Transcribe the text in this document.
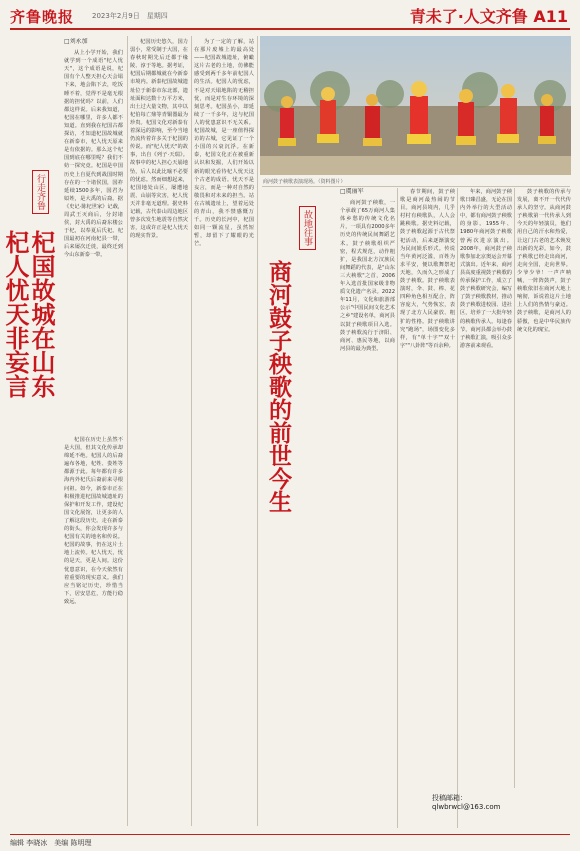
齐鲁晚报	2023年2月9日　 星期四	青未了·人文齐鲁 A11
□刘永加

从上小学开始，我们就学到一个成语"杞人忧天"，这个成语是说，杞国有个人整天担心天会塌下来，地会陷下去，吃饭睡不着，觉得不是毫无根据的担忧吗？以前，人们都这样说。后来我知道，杞国在哪里，许多人都不知道。直到我在杞国古都探访，才知道杞国故城就在新泰市，杞人忧天原来是有依据的。那么这个杞国到底在哪里呢？我们不妨一探究竟。杞国是中国历史上自夏代到战国时期存在的一个诸侯国，国祚延续1500多年，国君为姒姓，是大禹的后裔。据《史记·陈杞世家》记载，周武王灭商后，分封诸侯，封大禹的后裔东楼公于杞，以奉夏后氏祀。杞国最初在河南杞县一带，后来屡次迁徙，最终迁到今山东新泰一带。

杞国历史悠久，国力弱小，常受制于大国，在春秋时期先后迁都于缘陵、淳于等地。据考证，杞国后期都城就在今新泰市境内。新泰杞国故城遗址位于新泰市东北部，遗址面积达数十万平方米，出土过大量文物，其中以杞伯每亡鼎等青铜器最为珍贵。杞国文化对新泰有着深远的影响，至今当地仍流传着许多关于杞国的传说。而"杞人忧天"的故事，出自《列子·天瑞》。故事中的杞人担心天崩地坠，后人以此比喻不必要的忧虑。然而细想起来，杞国地处山区，屡遭地震、山崩等灾害，杞人忧天并非毫无道理。据史料记载，古代泰山周边地区曾多次发生地震等自然灾害，这或许正是杞人忧天的现实背景。

为了一定的了解，站在那片废墟上的最高处——杞国故城遗址，俯瞰这片古老的土地，仿佛能感受到两千多年前杞国人的生活。杞国人的忧虑，不是对天塌地陷的无稽担忧，而是对生存环境的深刻思考。杞国虽小，却延续了一千多年，这与杞国人的忧患意识不无关系。杞国故城，是一座值得探访的古城，它见证了一个小国的兴衰沉浮。在新泰，杞国文化正在被重新认识和发掘，人们开始以新的眼光看待杞人忧天这个古老的成语。忧天不是妄言，而是一种对自然的敬畏和对未来的担当。站在古城遗址上，望着远处的青山，我不禁感慨万千。历史的长河中，杞国如同一颗流星，虽然短暂，却留下了耀眼的光芒。

杞国在历史上虽然不是大国，但其文化传承却绵延不绝。杞国人的后裔遍布各地，杞姓、娄姓等都源于此。每年都有许多海内外杞氏后裔前来寻根问祖。如今，新泰市正在积极推进杞国故城遗址的保护和开发工作，建设杞国文化展馆，让更多的人了解这段历史。走在新泰的街头，你会发现许多与杞国有关的地名和传说。杞国的故事，仍在这片土地上流传。杞人忧天，忧的是天，更是人间。这份忧患意识，在今天依然有着重要的现实意义。我们应当铭记历史，珍惜当下，居安思危，方能行稳致远。

行走齐鲁
杞国故城在山东
杞人忧天非妄言
商河鼓子秧歌表演现场。（资料图片）
故地往事
商河鼓子秧歌的前世今生
□虞丽军

商河鼓子秧歌，一个承载了65万商河人集体乡愁的传统文化名片，一项具有2000多年历史的传统民间舞蹈艺术。鼓子秧歌组织严密，程式规范，动作粗犷，是我国北方汉族民间舞蹈的代表，是"山东三大秧歌"之首，2006年入选首批国家级非物质文化遗产名录。2022年11月，文化和旅游部公示"中国民间文化艺术之乡"建设名单，商河县以鼓子秧歌项目入选。鼓子秧歌流行于济阳、商河、惠民等地，以商河县的最为典型。

春节期间，鼓子秧歌是商河最热闹的节目。商河县境内，几乎村村有秧歌队，人人会跳秧歌。据史料记载，鼓子秧歌起源于古代祭祀活动，后来逐渐演变为民间娱乐形式。传说当年黄河泛滥，百姓为求平安，便以歌舞祭祀天地，久而久之形成了鼓子秧歌。鼓子秧歌表演时，伞、鼓、棒、花四种角色相互配合，阵容庞大，气势恢宏，表现了北方人民豪放、粗犷的性格。鼓子秧歌讲究"跑场"，场图变化多样，有"单十字""双十字""八卦阵"等百余种。

年来，商河鼓子秧歌日臻昌盛，无论在国内外举行的大型活动中，都有商河鼓子秧歌的身影。1955年、1980年商河鼓子秧歌曾两次进京演出。2008年，商河鼓子秧歌参加北京奥运会开幕式演出。近年来，商河县高度重视鼓子秧歌的传承保护工作，成立了鼓子秧歌研究会，编写了鼓子秧歌教材，推动鼓子秧歌进校园、进社区，培养了一大批年轻的秧歌传承人。每逢春节，商河县都会举办鼓子秧歌汇演，吸引众多游客前来观看。

鼓子秧歌的传承与发展，离不开一代代传承人的坚守。从商河鼓子秧歌第一代传承人到今天的年轻演员，他们用自己的汗水和热爱，让这门古老的艺术焕发出新的光彩。如今，鼓子秧歌已经走出商河，走向全国，走向世界。少爷少爷！一声声呐喊，一阵阵鼓声，鼓子秧歌依旧在商河大地上响彻，诉说着这片土地上人们的热情与豪迈。鼓子秧歌，是商河人的骄傲，也是中华民族传统文化的瑰宝。

投稿邮箱：
qlwbrwcl@163.com
编辑 李晓冰　美编 陈明理
